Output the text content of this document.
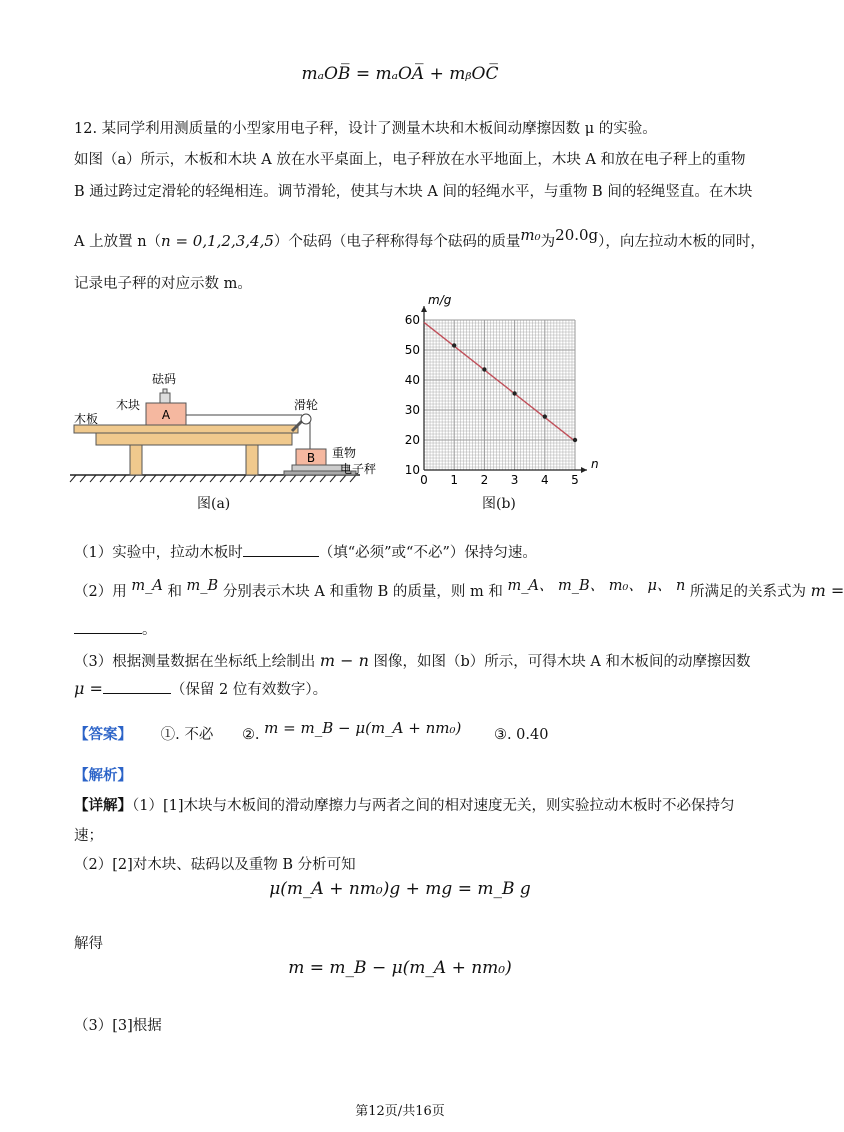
mₐOB̅ = mₐOA̅ + mᵦOC̅
12. 某同学利用测质量的小型家用电子秤，设计了测量木块和木板间动摩擦因数 μ 的实验。
如图（a）所示，木板和木块 A 放在水平桌面上，电子秤放在水平地面上，木块 A 和放在电子秤上的重物
B 通过跨过定滑轮的轻绳相连。调节滑轮，使其与木块 A 间的轻绳水平，与重物 B 间的轻绳竖直。在木块
A 上放置 n（n = 0,1,2,3,4,5）个砝码（电子秤称得每个砝码的质量m₀为20.0g），向左拉动木板的同时，
记录电子秤的对应示数 m。
A
B
砝码
木块
木板
滑轮
重物
电子秤
图(a)
0 1 2 3 4 5
10
20
30
40
50
60
n
m/g
图(b)
（1）实验中，拉动木板时	（填“必须”或“不必”）保持匀速。
（2）用 m_A 和 m_B 分别表示木块 A 和重物 B 的质量，则 m 和 m_A、 m_B、 m₀、 μ、 n 所满足的关系式为 m =
。
（3）根据测量数据在坐标纸上绘制出 m − n 图像，如图（b）所示，可得木块 A 和木板间的动摩擦因数
μ =	（保留 2 位有效数字）。
【答案】 ①. 不必 ②. m = m_B − μ(m_A + nm₀) ③. 0.40
【解析】
【详解】（1）[1]木块与木板间的滑动摩擦力与两者之间的相对速度无关，则实验拉动木板时不必保持匀
速；
（2）[2]对木块、砝码以及重物 B 分析可知
μ(m_A + nm₀)g + mg = m_B g
解得
m = m_B − μ(m_A + nm₀)
（3）[3]根据
第12页/共16页
